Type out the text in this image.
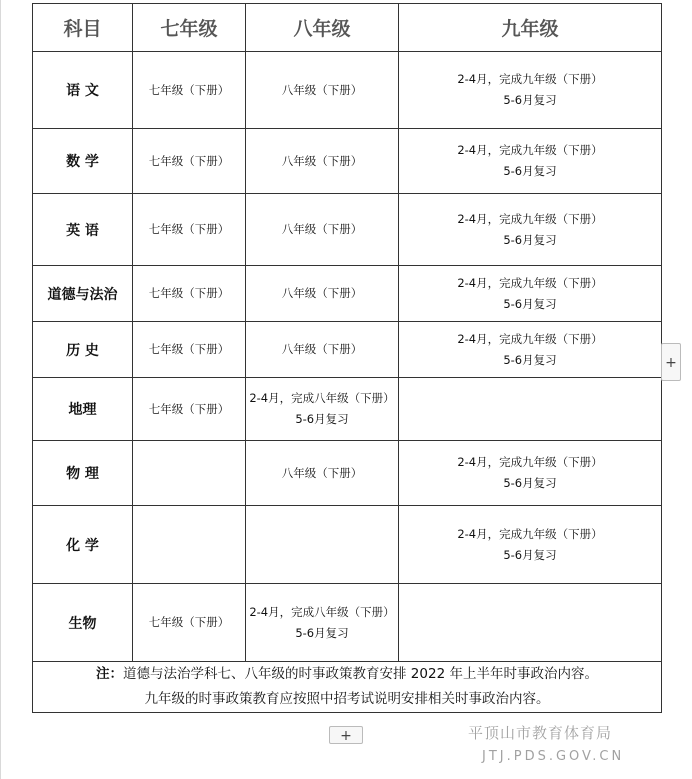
科目	七年级	八年级	九年级
语 文	七年级（下册）	八年级（下册）	2-4月，完成九年级（下册）
5-6月复习

数 学	七年级（下册）	八年级（下册）	2-4月，完成九年级（下册）
5-6月复习

英 语	七年级（下册）	八年级（下册）	2-4月，完成九年级（下册）
5-6月复习

道德与法治	七年级（下册）	八年级（下册）	2-4月，完成九年级（下册）
5-6月复习

历 史	七年级（下册）	八年级（下册）	2-4月，完成九年级（下册）
5-6月复习

地理	七年级（下册）	2-4月，完成八年级（下册）
5-6月复习	

物 理		八年级（下册）	2-4月，完成九年级（下册）
5-6月复习

化 学			2-4月，完成九年级（下册）
5-6月复习

生物	七年级（下册）	2-4月，完成八年级（下册）
5-6月复习	

注：道德与法治学科七、八年级的时事政策教育安排 2022 年上半年时事政治内容。
九年级的时事政策教育应按照中招考试说明安排相关时事政治内容。			
+
+	平顶山市教育体育局
JTJ.PDS.GOV.CN
